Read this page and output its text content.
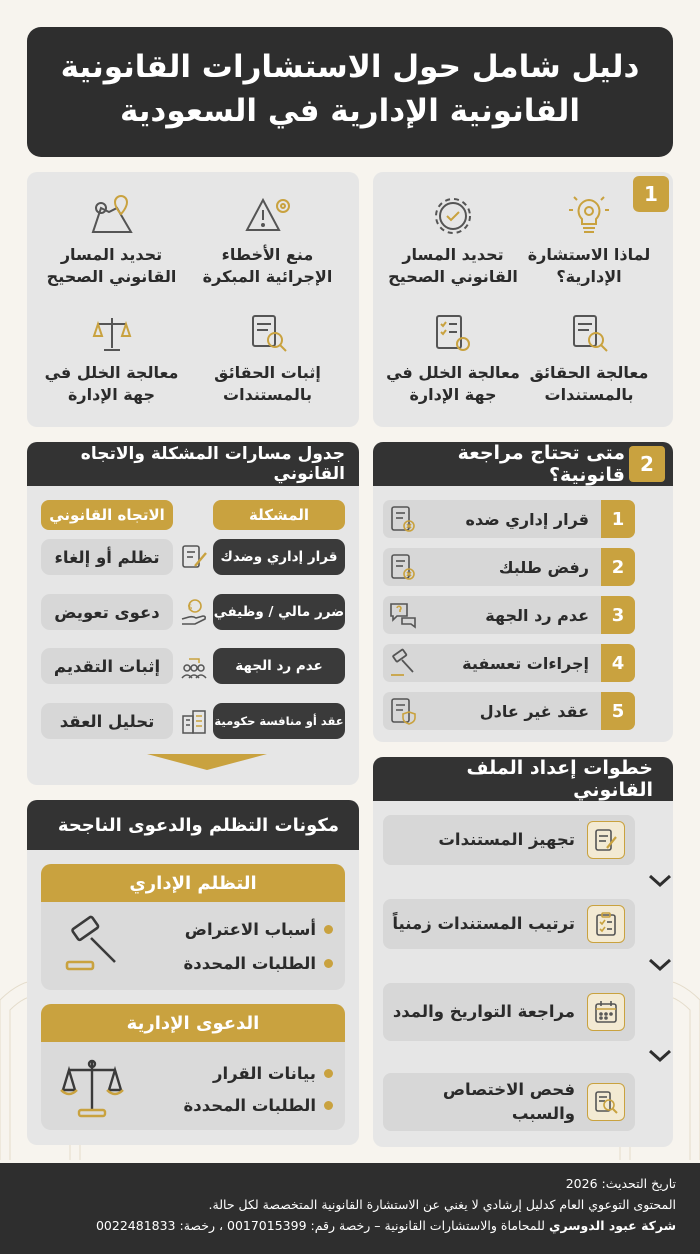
دليل شامل حول الاستشارات القانونية
القانونية الإدارية في السعودية
1
لماذا الاستشارة الإدارية؟
تحديد المسار القانوني الصحيح
معالجة الحقائق بالمستندات
معالجة الخلل في جهة الإدارة
منع الأخطاء الإجرائية المبكرة
تحديد المسار القانوني الصحيح
إثبات الحقائق بالمستندات
معالجة الخلل في جهة الإدارة
متى تحتاج مراجعة قانونية؟ 2
1
قرار إداري ضده
2
رفض طلبك
3
عدم رد الجهة
4
إجراءات تعسفية
5
عقد غير عادل
جدول مسارات المشكلة والاتجاه القانوني
المشكلة
الاتجاه القانوني
قرار إداري وضدك
تظلم أو إلغاء
ضرر مالي / وظيفي
$
دعوى تعويض
عدم رد الجهة
إثبات التقديم
عقد أو منافسة حكومية
تحليل العقد
خطوات إعداد الملف القانوني
تجهيز المستندات
ترتيب المستندات زمنياً
مراجعة التواريخ والمدد
فحص الاختصاص والسبب
مكونات التظلم والدعوى الناجحة
التظلم الإداري
أسباب الاعتراض
الطلبات المحددة
الدعوى الإدارية
بيانات القرار
الطلبات المحددة
تاريخ التحديث: 2026
المحتوى التوعوي العام كدليل إرشادي لا يغني عن الاستشارة القانونية المتخصصة لكل حالة.
شركة عبود الدوسري للمحاماة والاستشارات القانونية – رخصة رقم: 0017015399 ، رخصة: 0022481833
